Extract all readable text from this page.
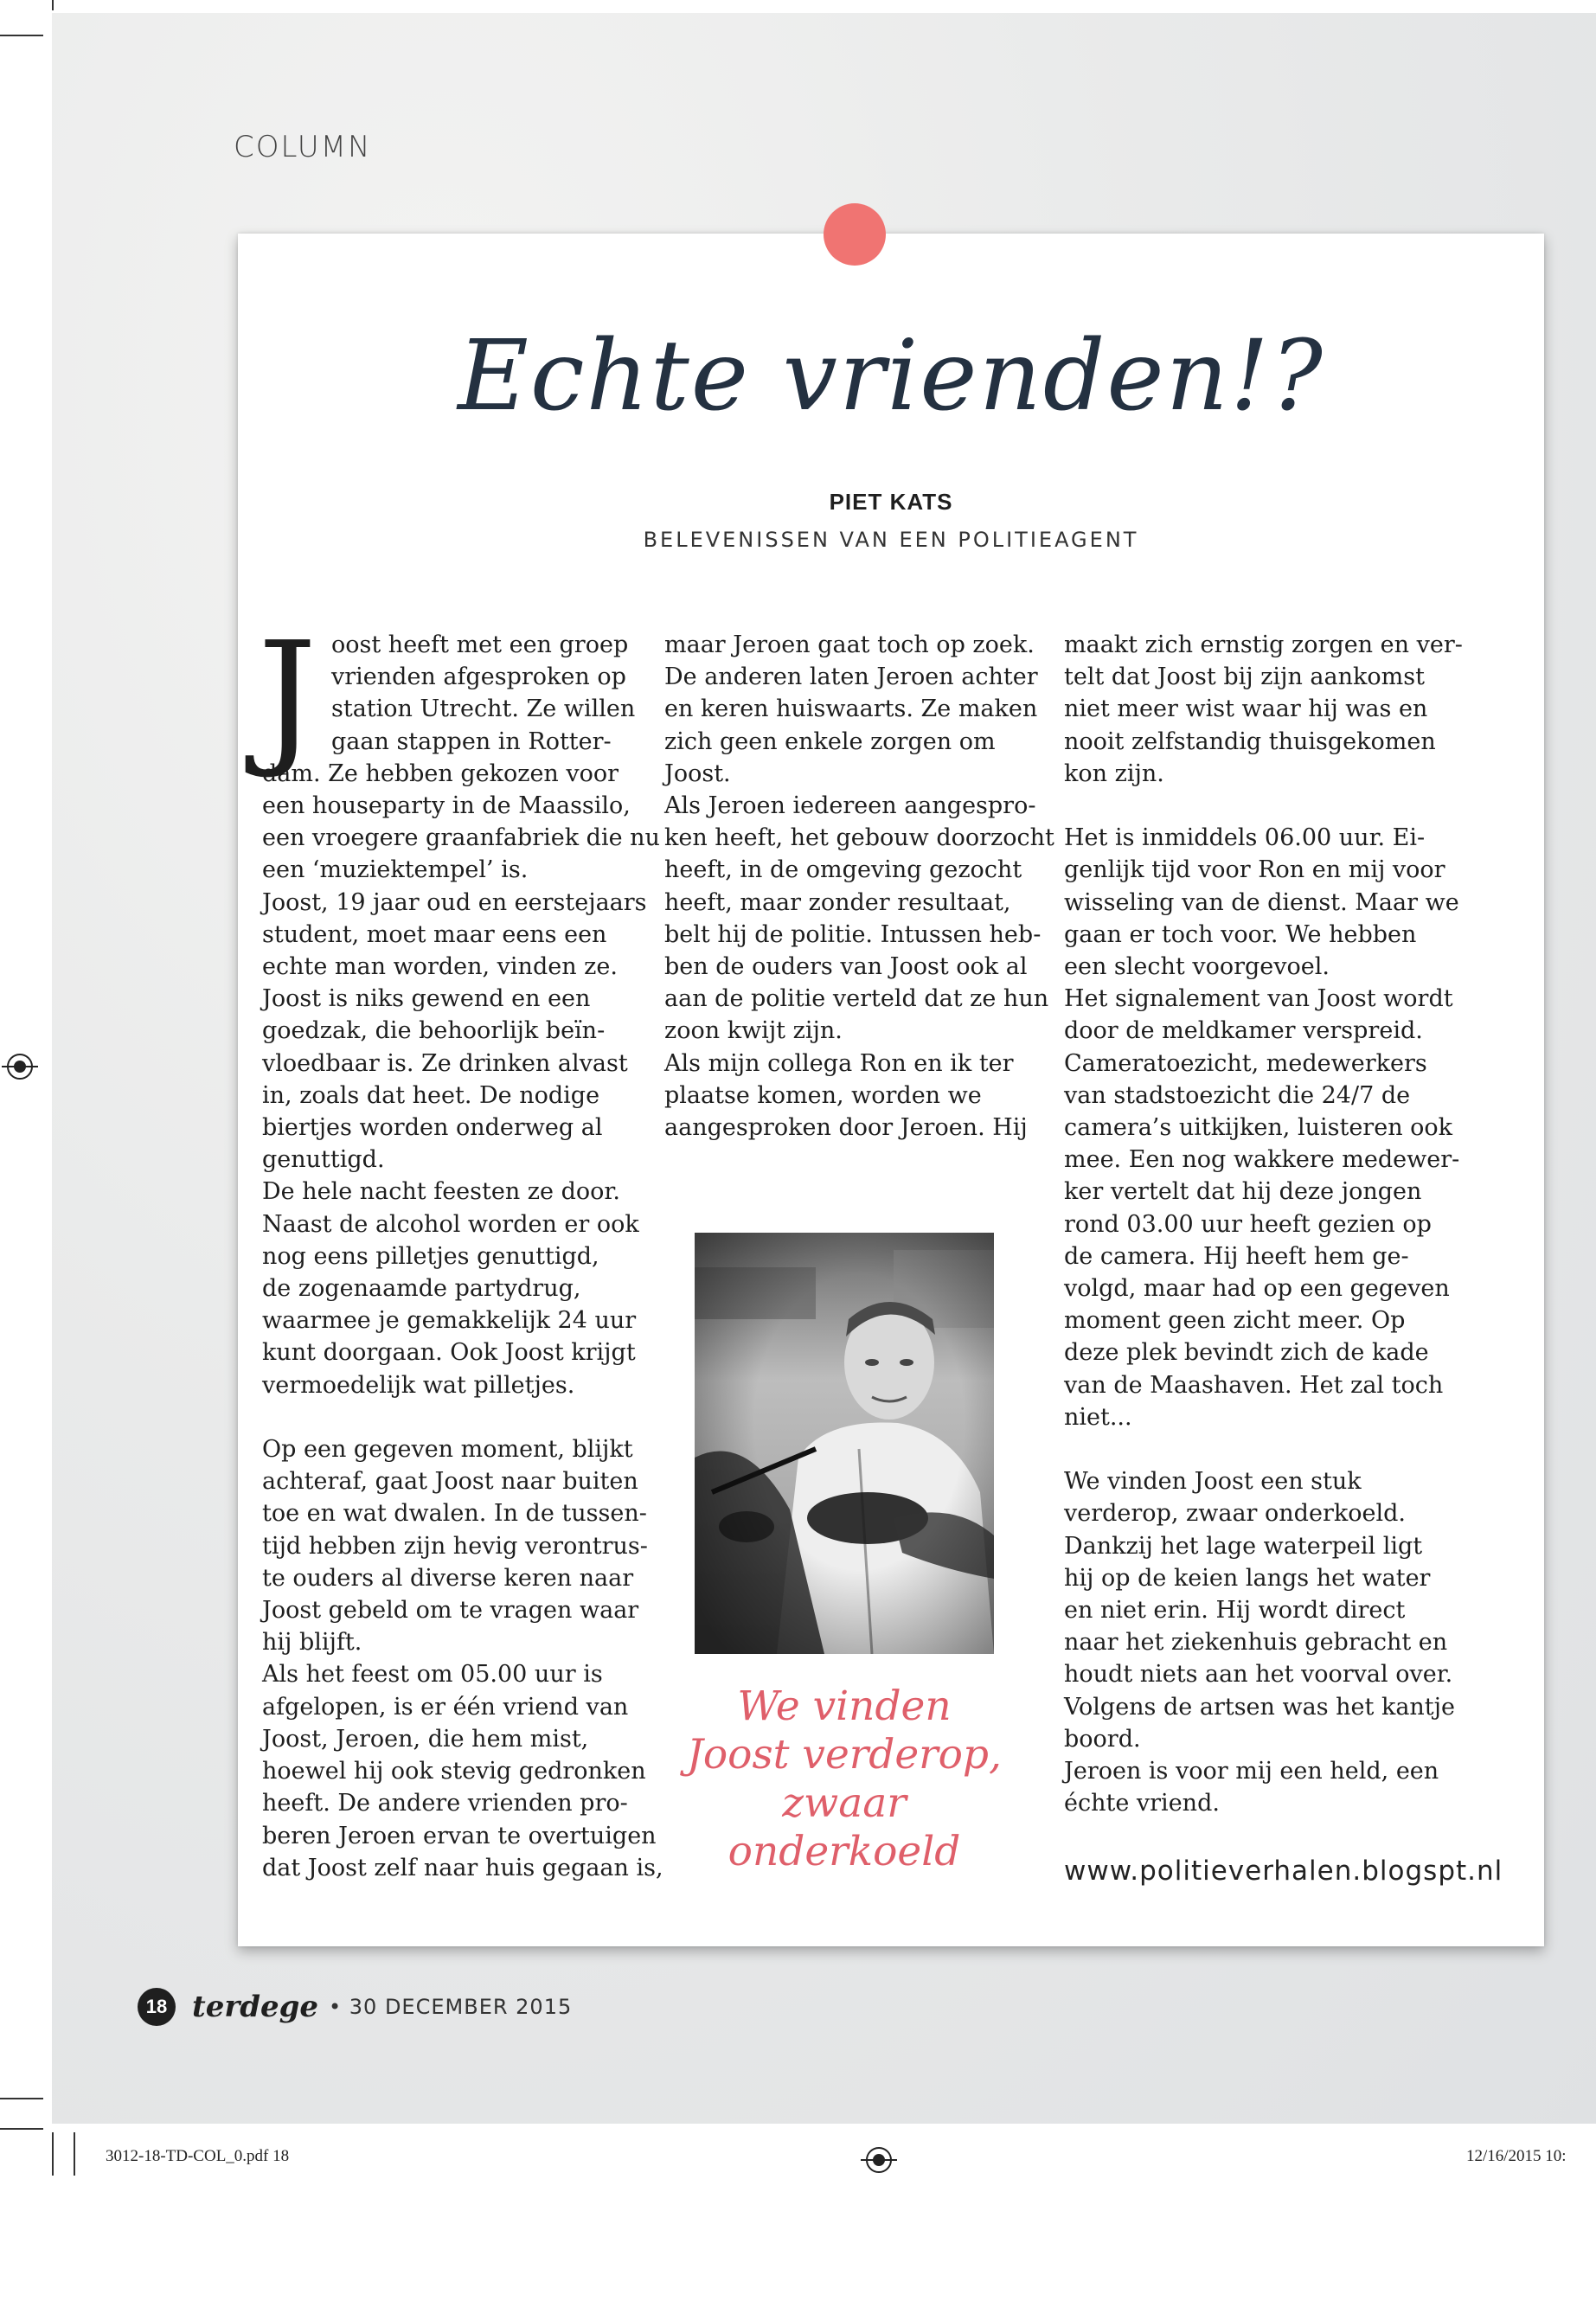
COLUMN
Echte vrienden!?
PIET KATS
BELEVENISSEN VAN EEN POLITIEAGENT
J oost heeft met een groep

vrienden afgesproken op

station Utrecht. Ze willen

gaan stappen in Rotter-

dam. Ze hebben gekozen voor

een houseparty in de Maassilo,

een vroegere graanfabriek die nu

een ‘muziektempel’ is.

Joost, 19 jaar oud en eerstejaars

student, moet maar eens een

echte man worden, vinden ze.

Joost is niks gewend en een

goedzak, die behoorlijk beïn-

vloedbaar is. Ze drinken alvast

in, zoals dat heet. De nodige

biertjes worden onderweg al

genuttigd.

De hele nacht feesten ze door.

Naast de alcohol worden er ook

nog eens pilletjes genuttigd,

de zogenaamde partydrug,

waarmee je gemakkelijk 24 uur

kunt doorgaan. Ook Joost krijgt

vermoedelijk wat pilletjes.

Op een gegeven moment, blijkt

achteraf, gaat Joost naar buiten

toe en wat dwalen. In de tussen-

tijd hebben zijn hevig verontrus-

te ouders al diverse keren naar

Joost gebeld om te vragen waar

hij blijft.

Als het feest om 05.00 uur is

afgelopen, is er één vriend van

Joost, Jeroen, die hem mist,

hoewel hij ook stevig gedronken

heeft. De andere vrienden pro-

beren Jeroen ervan te overtuigen

dat Joost zelf naar huis gegaan is,

maar Jeroen gaat toch op zoek.

De anderen laten Jeroen achter

en keren huiswaarts. Ze maken

zich geen enkele zorgen om

Joost.

Als Jeroen iedereen aangespro-

ken heeft, het gebouw doorzocht

heeft, in de omgeving gezocht

heeft, maar zonder resultaat,

belt hij de politie. Intussen heb-

ben de ouders van Joost ook al

aan de politie verteld dat ze hun

zoon kwijt zijn.

Als mijn collega Ron en ik ter

plaatse komen, worden we

aangesproken door Jeroen. Hij

maakt zich ernstig zorgen en ver-

telt dat Joost bij zijn aankomst

niet meer wist waar hij was en

nooit zelfstandig thuisgekomen

kon zijn.

Het is inmiddels 06.00 uur. Ei-

genlijk tijd voor Ron en mij voor

wisseling van de dienst. Maar we

gaan er toch voor. We hebben

een slecht voorgevoel.

Het signalement van Joost wordt

door de meldkamer verspreid.

Cameratoezicht, medewerkers

van stadstoezicht die 24/7 de

camera’s uitkijken, luisteren ook

mee. Een nog wakkere medewer-

ker vertelt dat hij deze jongen

rond 03.00 uur heeft gezien op

de camera. Hij heeft hem ge-

volgd, maar had op een gegeven

moment geen zicht meer. Op

deze plek bevindt zich de kade

van de Maashaven. Het zal toch

niet...

We vinden Joost een stuk

verderop, zwaar onderkoeld.

Dankzij het lage waterpeil ligt

hij op de keien langs het water

en niet erin. Hij wordt direct

naar het ziekenhuis gebracht en

houdt niets aan het voorval over.

Volgens de artsen was het kantje

boord.

Jeroen is voor mij een held, een

échte vriend.

We vinden
Joost verderop,
zwaar
onderkoeld	www.politieverhalen.blogspt.nl
18 terdege • 30 DECEMBER 2015
3012-18-TD-COL_0.pdf 18	12/16/2015 10:
